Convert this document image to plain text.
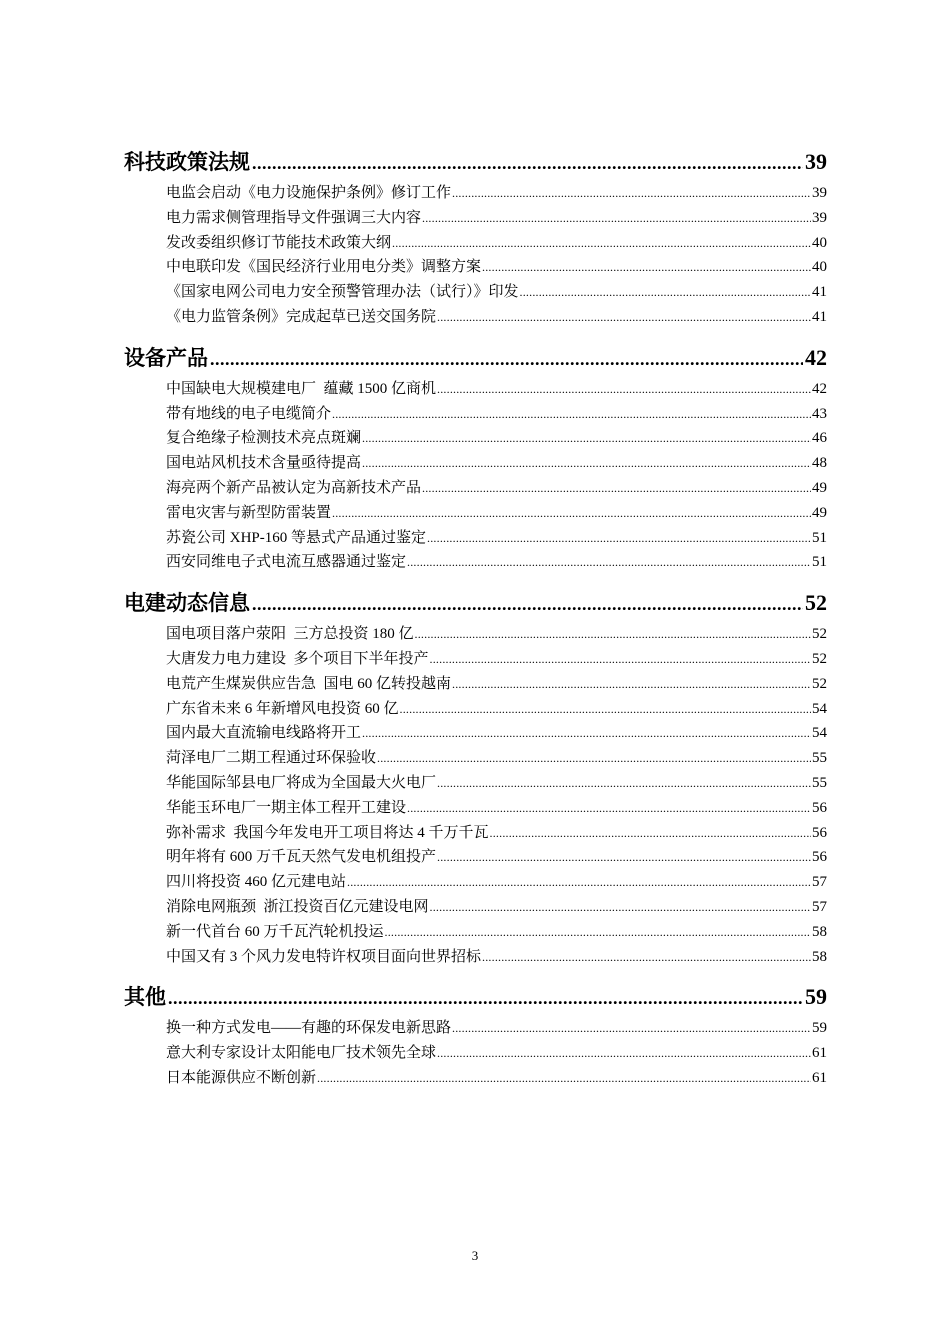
科技政策法规 .....	39
电监会启动《电力设施保护条例》修订工作 .....	39
电力需求侧管理指导文件强调三大内容 .....	39
发改委组织修订节能技术政策大纲 .....	40
中电联印发《国民经济行业用电分类》调整方案 .....	40
《国家电网公司电力安全预警管理办法（试行）》印发 .....	41
《电力监管条例》完成起草已送交国务院 .....	41
设备产品 .....	42
中国缺电大规模建电厂  蕴藏 1500 亿商机 .....	42
带有地线的电子电缆简介 .....	43
复合绝缘子检测技术亮点斑斓 .....	46
国电站风机技术含量亟待提高 .....	48
海亮两个新产品被认定为高新技术产品 .....	49
雷电灾害与新型防雷装置 .....	49
苏瓷公司 XHP-160 等悬式产品通过鉴定 .....	51
西安同维电子式电流互感器通过鉴定 .....	51
电建动态信息 .....	52
国电项目落户荥阳  三方总投资 180 亿 .....	52
大唐发力电力建设  多个项目下半年投产 .....	52
电荒产生煤炭供应告急  国电 60 亿转投越南 .....	52
广东省未来 6 年新增风电投资 60 亿 .....	54
国内最大直流输电线路将开工 .....	54
菏泽电厂二期工程通过环保验收 .....	55
华能国际邹县电厂将成为全国最大火电厂 .....	55
华能玉环电厂一期主体工程开工建设 .....	56
弥补需求  我国今年发电开工项目将达 4 千万千瓦 .....	56
明年将有 600 万千瓦天然气发电机组投产 .....	56
四川将投资 460 亿元建电站 .....	57
消除电网瓶颈  浙江投资百亿元建设电网 .....	57
新一代首台 60 万千瓦汽轮机投运 .....	58
中国又有 3 个风力发电特许权项目面向世界招标 .....	58
其他 .....	59
换一种方式发电——有趣的环保发电新思路 .....	59
意大利专家设计太阳能电厂技术领先全球 .....	61
日本能源供应不断创新 .....	61
3
